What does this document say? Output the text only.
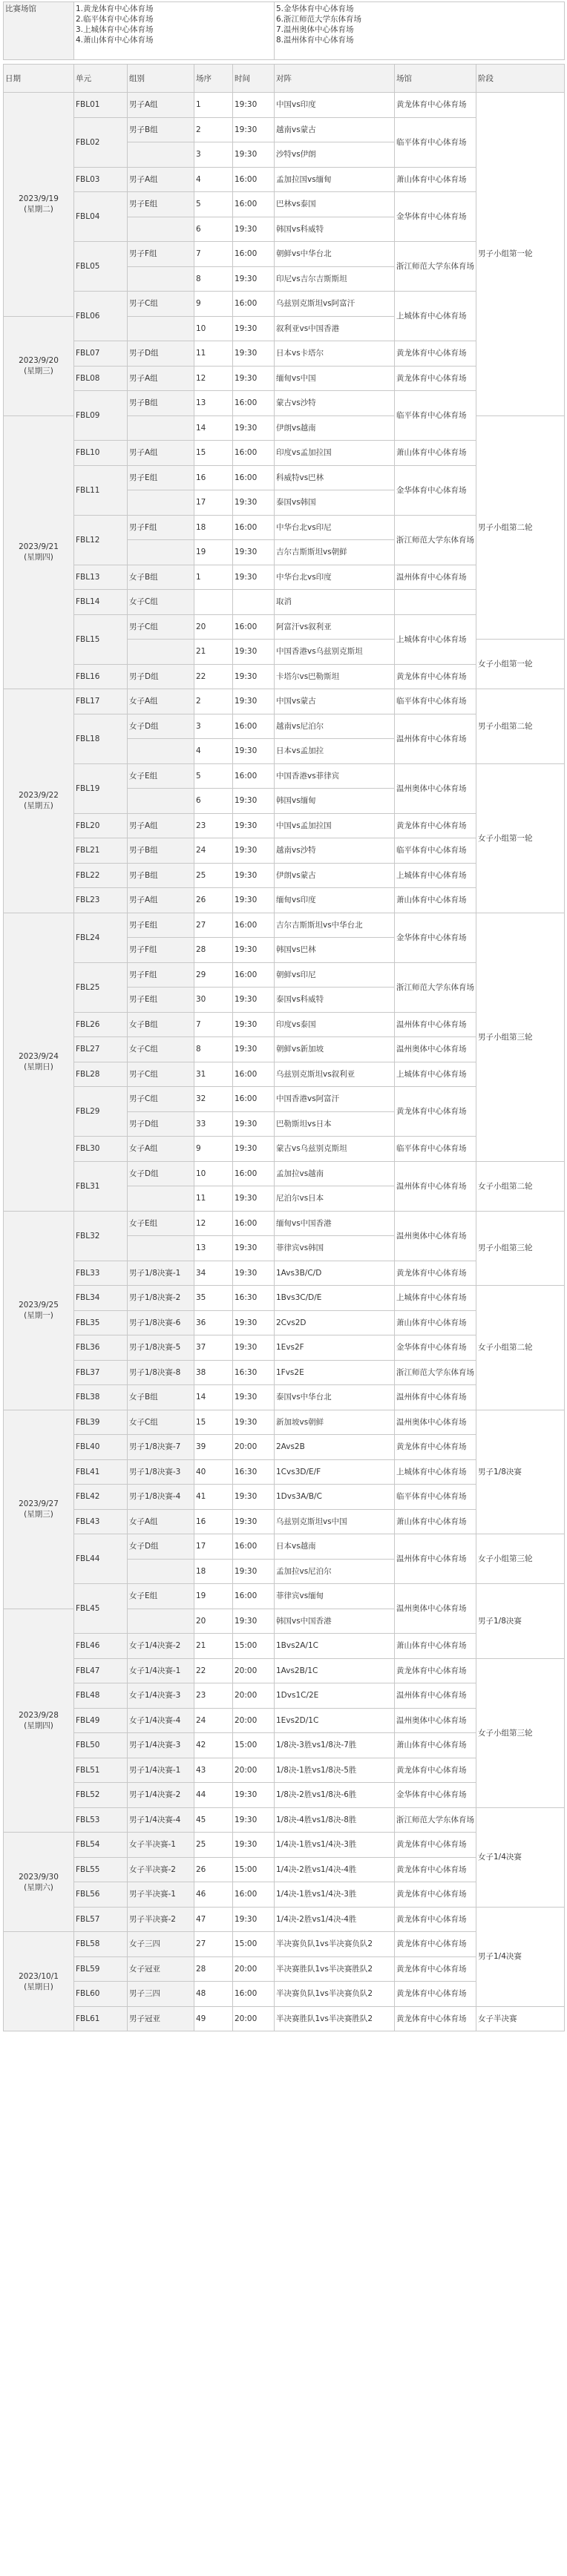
比赛场馆	1.黄龙体育中心体育场
2.临平体育中心体育场
3.上城体育中心体育场
4.萧山体育中心体育场

5.金华体育中心体育场
6.浙江师范大学东体育场
7.温州奥体中心体育场
8.温州体育中心体育场
日期	单元	组别	场序	时间	对阵	场馆	阶段
2023/9/19
(星期二)	FBL01	男子A组	1	19:30	中国vs印度	黄龙体育中心体育场	男子小组第一轮
	FBL02	男子B组	2	19:30	越南vs蒙古	临平体育中心体育场	
			3	19:30	沙特vs伊朗		
	FBL03	男子A组	4	16:00	孟加拉国vs缅甸	萧山体育中心体育场	
	FBL04	男子E组	5	16:00	巴林vs泰国	金华体育中心体育场	
			6	19:30	韩国vs科威特		
	FBL05	男子F组	7	16:00	朝鲜vs中华台北	浙江师范大学东体育场	
			8	19:30	印尼vs吉尔吉斯斯坦		
	FBL06	男子C组	9	16:00	乌兹别克斯坦vs阿富汗	上城体育中心体育场	
2023/9/20
(星期三)			10	19:30	叙利亚vs中国香港		
	FBL07	男子D组	11	19:30	日本vs卡塔尔	黄龙体育中心体育场	
	FBL08	男子A组	12	19:30	缅甸vs中国	黄龙体育中心体育场	
	FBL09	男子B组	13	16:00	蒙古vs沙特	临平体育中心体育场	
2023/9/21
(星期四)			14	19:30	伊朗vs越南		男子小组第二轮
	FBL10	男子A组	15	16:00	印度vs孟加拉国	萧山体育中心体育场	
	FBL11	男子E组	16	16:00	科威特vs巴林	金华体育中心体育场	
			17	19:30	泰国vs韩国		
	FBL12	男子F组	18	16:00	中华台北vs印尼	浙江师范大学东体育场	
			19	19:30	吉尔吉斯斯坦vs朝鲜		
	FBL13	女子B组	1	19:30	中华台北vs印度	温州体育中心体育场	
	FBL14	女子C组			取消		
	FBL15	男子C组	20	16:00	阿富汗vs叙利亚	上城体育中心体育场	
			21	19:30	中国香港vs乌兹别克斯坦		女子小组第一轮
	FBL16	男子D组	22	19:30	卡塔尔vs巴勒斯坦	黄龙体育中心体育场	
2023/9/22
(星期五)	FBL17	女子A组	2	19:30	中国vs蒙古	临平体育中心体育场	男子小组第二轮
	FBL18	女子D组	3	16:00	越南vs尼泊尔	温州体育中心体育场	
			4	19:30	日本vs孟加拉		
	FBL19	女子E组	5	16:00	中国香港vs菲律宾	温州奥体中心体育场	女子小组第一轮
			6	19:30	韩国vs缅甸		
	FBL20	男子A组	23	19:30	中国vs孟加拉国	黄龙体育中心体育场	
	FBL21	男子B组	24	19:30	越南vs沙特	临平体育中心体育场	
	FBL22	男子B组	25	19:30	伊朗vs蒙古	上城体育中心体育场	
	FBL23	男子A组	26	19:30	缅甸vs印度	萧山体育中心体育场	
2023/9/24
(星期日)	FBL24	男子E组	27	16:00	吉尔吉斯斯坦vs中华台北	金华体育中心体育场	男子小组第三轮
		男子F组	28	19:30	韩国vs巴林		
	FBL25	男子F组	29	16:00	朝鲜vs印尼	浙江师范大学东体育场	
		男子E组	30	19:30	泰国vs科威特		
	FBL26	女子B组	7	19:30	印度vs泰国	温州体育中心体育场	
	FBL27	女子C组	8	19:30	朝鲜vs新加坡	温州奥体中心体育场	
	FBL28	男子C组	31	16:00	乌兹别克斯坦vs叙利亚	上城体育中心体育场	
	FBL29	男子C组	32	16:00	中国香港vs阿富汗	黄龙体育中心体育场	
		男子D组	33	19:30	巴勒斯坦vs日本		
	FBL30	女子A组	9	19:30	蒙古vs乌兹别克斯坦	临平体育中心体育场	
	FBL31	女子D组	10	16:00	孟加拉vs越南	温州体育中心体育场	女子小组第二轮
			11	19:30	尼泊尔vs日本		
2023/9/25
(星期一)	FBL32	女子E组	12	16:00	缅甸vs中国香港	温州奥体中心体育场	男子小组第三轮
			13	19:30	菲律宾vs韩国		
	FBL33	男子1/8决赛-1	34	19:30	1Avs3B/C/D	黄龙体育中心体育场	
	FBL34	男子1/8决赛-2	35	16:30	1Bvs3C/D/E	上城体育中心体育场	女子小组第二轮
	FBL35	男子1/8决赛-6	36	19:30	2Cvs2D	萧山体育中心体育场	
	FBL36	男子1/8决赛-5	37	19:30	1Evs2F	金华体育中心体育场	
	FBL37	男子1/8决赛-8	38	16:30	1Fvs2E	浙江师范大学东体育场	
	FBL38	女子B组	14	19:30	泰国vs中华台北	温州体育中心体育场	
2023/9/27
(星期三)	FBL39	女子C组	15	19:30	新加坡vs朝鲜	温州奥体中心体育场	男子1/8决赛
	FBL40	男子1/8决赛-7	39	20:00	2Avs2B	黄龙体育中心体育场	
	FBL41	男子1/8决赛-3	40	16:30	1Cvs3D/E/F	上城体育中心体育场	
	FBL42	男子1/8决赛-4	41	19:30	1Dvs3A/B/C	临平体育中心体育场	
	FBL43	女子A组	16	19:30	乌兹别克斯坦vs中国	萧山体育中心体育场	
	FBL44	女子D组	17	16:00	日本vs越南	温州体育中心体育场	女子小组第三轮
			18	19:30	孟加拉vs尼泊尔		
	FBL45	女子E组	19	16:00	菲律宾vs缅甸	温州奥体中心体育场	男子1/8决赛
2023/9/28
(星期四)			20	19:30	韩国vs中国香港		
	FBL46	女子1/4决赛-2	21	15:00	1Bvs2A/1C	萧山体育中心体育场	
	FBL47	女子1/4决赛-1	22	20:00	1Avs2B/1C	黄龙体育中心体育场	女子小组第三轮
	FBL48	女子1/4决赛-3	23	20:00	1Dvs1C/2E	温州体育中心体育场	
	FBL49	女子1/4决赛-4	24	20:00	1Evs2D/1C	温州奥体中心体育场	
	FBL50	男子1/4决赛-3	42	15:00	1/8决-3胜vs1/8决-7胜	萧山体育中心体育场	
	FBL51	男子1/4决赛-1	43	20:00	1/8决-1胜vs1/8决-5胜	黄龙体育中心体育场	
	FBL52	男子1/4决赛-2	44	19:30	1/8决-2胜vs1/8决-6胜	金华体育中心体育场	
	FBL53	男子1/4决赛-4	45	19:30	1/8决-4胜vs1/8决-8胜	浙江师范大学东体育场	女子1/4决赛
2023/9/30
(星期六)	FBL54	女子半决赛-1	25	19:30	1/4决-1胜vs1/4决-3胜	黄龙体育中心体育场	
	FBL55	女子半决赛-2	26	15:00	1/4决-2胜vs1/4决-4胜	黄龙体育中心体育场	
	FBL56	男子半决赛-1	46	16:00	1/4决-1胜vs1/4决-3胜	黄龙体育中心体育场	
	FBL57	男子半决赛-2	47	19:30	1/4决-2胜vs1/4决-4胜	黄龙体育中心体育场	男子1/4决赛
2023/10/1
(星期日)	FBL58	女子三四	27	15:00	半决赛负队1vs半决赛负队2	黄龙体育中心体育场	
	FBL59	女子冠亚	28	20:00	半决赛胜队1vs半决赛胜队2	黄龙体育中心体育场	
	FBL60	男子三四	48	16:00	半决赛负队1vs半决赛负队2	黄龙体育中心体育场	
	FBL61	男子冠亚	49	20:00	半决赛胜队1vs半决赛胜队2	黄龙体育中心体育场	女子半决赛
